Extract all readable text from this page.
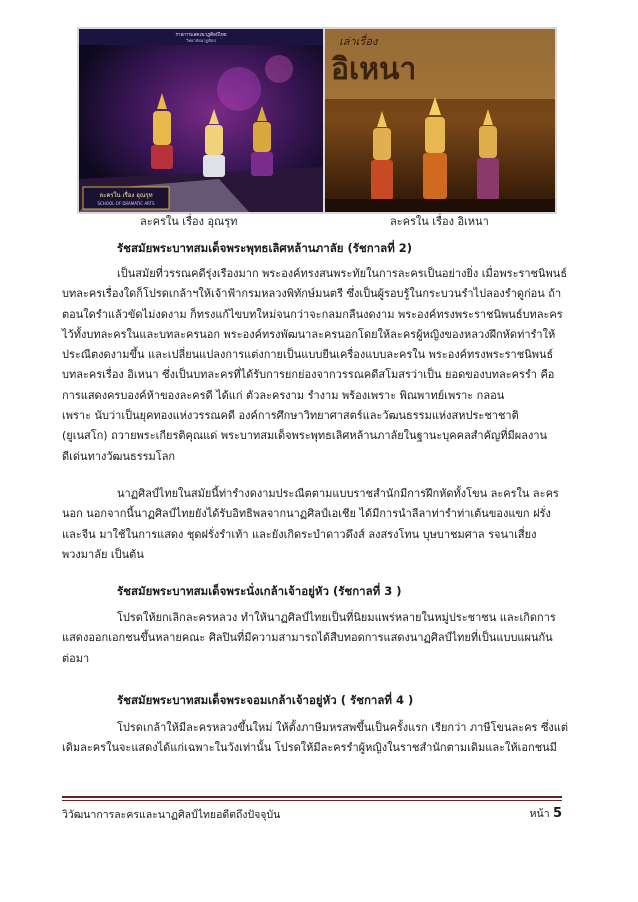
รายการแสดงนาฏศิลป์ไทย
วิทยาลัยนาฏศิลป
ละครใน เรื่อง อุณรุท
SCHOOL OF DRAMATIC ARTS
เล่าเรื่อง
อิเหนา
ละครใน เรื่อง อุณรุท	ละครใน เรื่อง อิเหนา
รัชสมัยพระบาทสมเด็จพระพุทธเลิศหล้านภาลัย (รัชกาลที่ 2)
เป็นสมัยที่วรรณคดีรุ่งเรืองมาก พระองค์ทรงสนพระทัยในการละครเป็นอย่างยิ่ง เมื่อพระราชนิพนธ์
บทละครเรื่องใดก็โปรดเกล้าฯให้เจ้าฟ้ากรมหลวงพิทักษ์มนตรี ซึ่งเป็นผู้รอบรู้ในกระบวนรำไปลองรำดูก่อน ถ้า
ตอนใดรำแล้วขัดไม่งดงาม ก็ทรงแก้ไขบทใหม่จนกว่าจะกลมกลืนงดงาม พระองค์ทรงพระราชนิพนธ์บทละคร
ไว้ทั้งบทละครในและบทละครนอก พระองค์ทรงพัฒนาละครนอกโดยให้ละครผู้หญิงของหลวงฝึกหัดท่ารำให้
ประณีตงดงามขึ้น และเปลี่ยนแปลงการแต่งกายเป็นแบบยืนเครื่องแบบละครใน พระองค์ทรงพระราชนิพนธ์
บทละครเรื่อง อิเหนา ซึ่งเป็นบทละครที่ได้รับการยกย่องจากวรรณคดีสโมสรว่าเป็น ยอดของบทละครรำ คือ
การแสดงครบองค์ห้าของละครดี ได้แก่ ตัวละครงาม รำงาม พร้องเพราะ พิณพาทย์เพราะ กลอน
เพราะ นับว่าเป็นยุคทองแห่งวรรณคดี องค์การศึกษาวิทยาศาสตร์และวัฒนธรรมแห่งสหประชาชาติ
(ยูเนสโก) ถวายพระเกียรติคุณแด่ พระบาทสมเด็จพระพุทธเลิศหล้านภาลัยในฐานะบุคคลสำคัญที่มีผลงาน
ดีเด่นทางวัฒนธรรมโลก
นาฏศิลป์ไทยในสมัยนี้ท่ารำงดงามประณีตตามแบบราชสำนักมีการฝึกหัดทั้งโขน ละครใน ละคร
นอก นอกจากนี้นาฏศิลป์ไทยยังได้รับอิทธิพลจากนาฏศิลป์เอเชีย ได้มีการนำลีลาท่ารำท่าเต้นของแขก ฝรั่ง
และจีน มาใช้ในการแสดง ชุดฝรั่งรำเท้า และยังเกิดระบำดาวดึงส์ ลงสรงโทน บุษบาชมศาล รจนาเสี่ยง
พวงมาลัย เป็นต้น
รัชสมัยพระบาทสมเด็จพระนั่งเกล้าเจ้าอยู่หัว (รัชกาลที่ 3 )
โปรดให้ยกเลิกละครหลวง ทำให้นาฏศิลป์ไทยเป็นที่นิยมแพร่หลายในหมู่ประชาชน และเกิดการ
แสดงออกเอกชนขึ้นหลายคณะ ศิลปินที่มีความสามารถได้สืบทอดการแสดงนาฏศิลป์ไทยที่เป็นแบบแผนกัน
ต่อมา
รัชสมัยพระบาทสมเด็จพระจอมเกล้าเจ้าอยู่หัว ( รัชกาลที่ 4 )
โปรดเกล้าให้มีละครหลวงขึ้นใหม่ ให้ตั้งภาษีมหรสพขึ้นเป็นครั้งแรก เรียกว่า ภาษีโขนละคร ซึ่งแต่
เดิมละครในจะแสดงได้แก่เฉพาะในวังเท่านั้น โปรดให้มีละครรำผู้หญิงในราชสำนักตามเดิมและให้เอกชนมี
วิวัฒนาการละครและนาฏศิลป์ไทยอดีตถึงปัจจุบัน	หน้า 5
